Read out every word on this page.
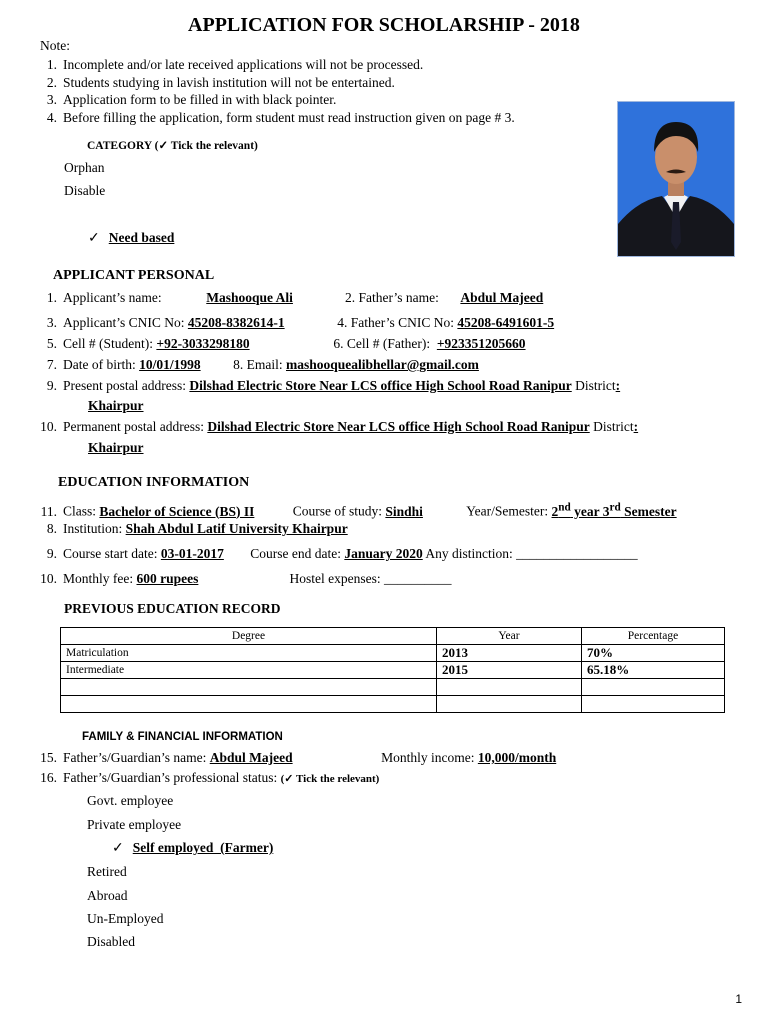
APPLICATION FOR SCHOLARSHIP - 2018
Note:
1. Incomplete and/or late received applications will not be processed.
2. Students studying in lavish institution will not be entertained.
3. Application form to be filled in with black pointer.
4. Before filling the application, form student must read instruction given on page # 3.
CATEGORY (✓ Tick the relevant)
Orphan
Disable
✓ Need based
APPLICANT PERSONAL
1. Applicant’s name:	Mashooque Ali	2. Father’s name: Abdul Majeed
3. Applicant’s CNIC No: 45208-8382614-1	4. Father’s CNIC No: 45208-6491601-5
5. Cell # (Student): +92-3033298180	6. Cell # (Father): +923351205660
7. Date of birth: 10/01/1998 8. Email: mashooquealibhellar@gmail.com
9. Present postal address: Dilshad Electric Store Near LCS office High School Road Ranipur District:
Khairpur
10. Permanent postal address: Dilshad Electric Store Near LCS office High School Road Ranipur District:
Khairpur
EDUCATION INFORMATION
11. Class: Bachelor of Science (BS) II	Course of study: Sindhi	Year/Semester: 2nd year 3rd Semester
8. Institution: Shah Abdul Latif University Khairpur
9. Course start date: 03-01-2017 Course end date: January 2020 Any distinction: __________________
10. Monthly fee: 600 rupees	Hostel expenses: __________
PREVIOUS EDUCATION RECORD
Degree	Year	Percentage
Matriculation	2013	70%
Intermediate	2015	65.18%

FAMILY & FINANCIAL INFORMATION
15. Father’s/Guardian’s name: Abdul Majeed	Monthly income: 10,000/month
16. Father’s/Guardian’s professional status: (✓ Tick the relevant)
Govt. employee
Private employee
✓ Self employed  (Farmer)
Retired
Abroad
Un-Employed
Disabled
1
